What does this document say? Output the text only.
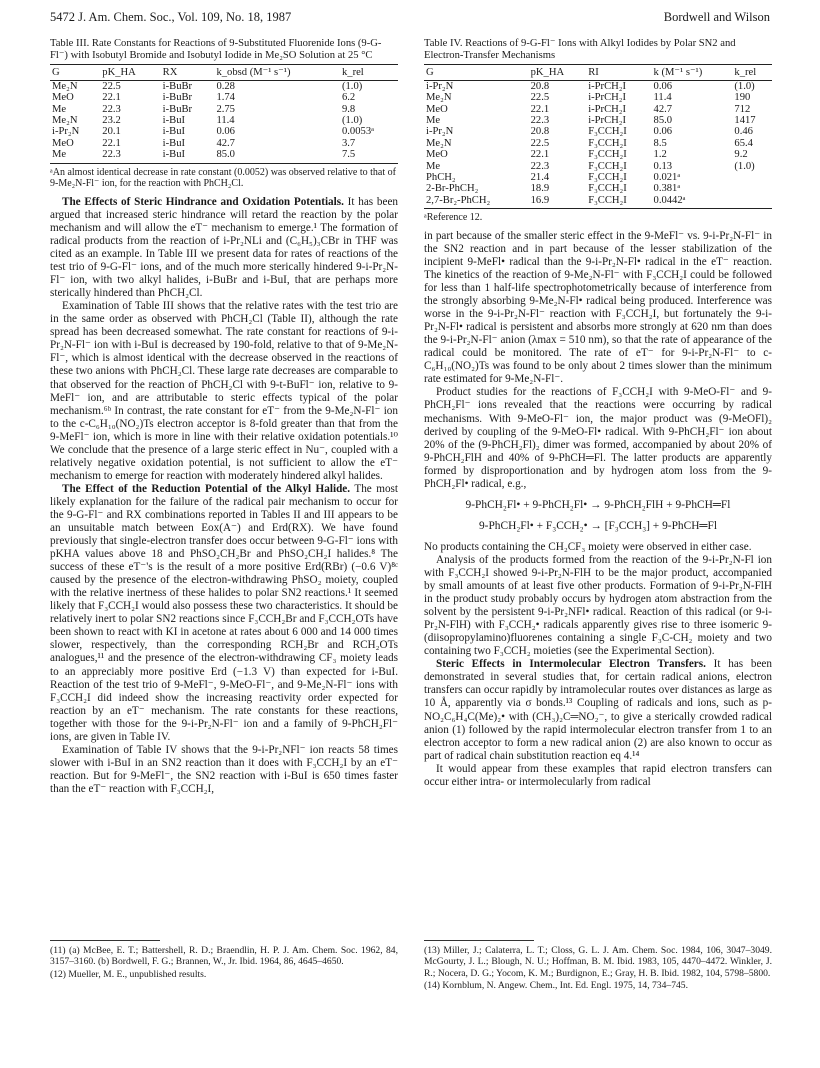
5472 J. Am. Chem. Soc., Vol. 109, No. 18, 1987	Bordwell and Wilson
Table III. Rate Constants for Reactions of 9-Substituted Fluorenide Ions (9-G-Fl⁻) with Isobutyl Bromide and Isobutyl Iodide in Me₂SO Solution at 25 °C
G	pK_HA	RX	k_obsd (M⁻¹ s⁻¹)	k_rel
Me₂N	22.5	i-BuBr	0.28	(1.0)
MeO	22.1	i-BuBr	1.74	6.2
Me	22.3	i-BuBr	2.75	9.8
Me₂N	23.2	i-BuI	11.4	(1.0)
i-Pr₂N	20.1	i-BuI	0.06	0.0053ᵃ
MeO	22.1	i-BuI	42.7	3.7
Me	22.3	i-BuI	85.0	7.5
ᵃAn almost identical decrease in rate constant (0.0052) was observed relative to that of 9-Me₂N-Fl⁻ ion, for the reaction with PhCH₂Cl.

The Effects of Steric Hindrance and Oxidation Potentials. It has been argued that increased steric hindrance will retard the reaction by the polar mechanism and will allow the eT⁻ mechanism to emerge.¹ The formation of radical products from the reaction of i-Pr₂NLi and (C₆H₅)₃CBr in THF was cited as an example. In Table III we present data for rates of reactions of the test trio of 9-G-Fl⁻ ions, and of the much more sterically hindered 9-i-Pr₂N-Fl⁻ ion, with two alkyl halides, i-BuBr and i-BuI, that are perhaps more sterically hindered than PhCH₂Cl.

Examination of Table III shows that the relative rates with the test trio are in the same order as observed with PhCH₂Cl (Table II), although the rate spread has been decreased somewhat. The rate constant for reactions of 9-i-Pr₂N-Fl⁻ ion with i-BuI is decreased by 190-fold, relative to that of 9-Me₂N-Fl⁻, which is almost identical with the decrease observed in the reactions of these two anions with PhCH₂Cl. These large rate decreases are comparable to that observed for the reaction of PhCH₂Cl with 9-t-BuFl⁻ ion, relative to 9-MeFl⁻ ion, and are attributable to steric effects typical of the polar mechanism.⁶ᵇ In contrast, the rate constant for eT⁻ from the 9-Me₂N-Fl⁻ ion to the c-C₆H₁₀(NO₂)Ts electron acceptor is 8-fold greater than that from the 9-MeFl⁻ ion, which is more in line with their relative oxidation potentials.¹⁰ We conclude that the presence of a large steric effect in Nu⁻, coupled with a relatively negative oxidation potential, is not sufficient to allow the eT⁻ mechanism to emerge for reaction with moderately hindered alkyl halides.

The Effect of the Reduction Potential of the Alkyl Halide. The most likely explanation for the failure of the radical pair mechanism to occur for the 9-G-Fl⁻ and RX combinations reported in Tables II and III appears to be an unsuitable match between Eox(A⁻) and Erd(RX). We have found previously that single-electron transfer does occur between 9-G-Fl⁻ ions with pKHA values above 18 and PhSO₂CH₂Br and PhSO₂CH₂I halides.⁸ The success of these eT⁻'s is the result of a more positive Erd(RBr) (−0.6 V)⁸ᶜ caused by the presence of the electron-withdrawing PhSO₂ moiety, coupled with the relative inertness of these halides to polar SN2 reactions.¹ It seemed likely that F₃CCH₂I would also possess these two characteristics. It should be relatively inert to polar SN2 reactions since F₃CCH₂Br and F₃CCH₂OTs have been shown to react with KI in acetone at rates about 6 000 and 14 000 times slower, respectively, than the corresponding RCH₂Br and RCH₂OTs analogues,¹¹ and the presence of the electron-withdrawing CF₃ moiety leads to an appreciably more positive Erd (−1.3 V) than expected for i-BuI. Reaction of the test trio of 9-MeFl⁻, 9-MeO-Fl⁻, and 9-Me₂N-Fl⁻ ions with F₃CCH₂I did indeed show the increasing reactivity order expected for reaction by an eT⁻ mechanism. The rate constants for these reactions, together with those for the 9-i-Pr₂N-Fl⁻ ion and a family of 9-PhCH₂Fl⁻ ions, are given in Table IV.

Examination of Table IV shows that the 9-i-Pr₂NFl⁻ ion reacts 58 times slower with i-BuI in an SN2 reaction than it does with F₃CCH₂I by an eT⁻ reaction. But for 9-MeFl⁻, the SN2 reaction with i-BuI is 650 times faster than the eT⁻ reaction with F₃CCH₂I,

Table IV. Reactions of 9-G-Fl⁻ Ions with Alkyl Iodides by Polar SN2 and Electron-Transfer Mechanisms
G	pK_HA	RI	k (M⁻¹ s⁻¹)	k_rel
i-Pr₂N	20.8	i-PrCH₂I	0.06	(1.0)
Me₂N	22.5	i-PrCH₂I	11.4	190
MeO	22.1	i-PrCH₂I	42.7	712
Me	22.3	i-PrCH₂I	85.0	1417
i-Pr₂N	20.8	F₃CCH₂I	0.06	0.46
Me₂N	22.5	F₃CCH₂I	8.5	65.4
MeO	22.1	F₃CCH₂I	1.2	9.2
Me	22.3	F₃CCH₂I	0.13	(1.0)
PhCH₂	21.4	F₃CCH₂I	0.021ᵃ	
2-Br-PhCH₂	18.9	F₃CCH₂I	0.381ᵃ	
2,7-Br₂-PhCH₂	16.9	F₃CCH₂I	0.0442ᵃ	
ᵃReference 12.

in part because of the smaller steric effect in the 9-MeFl⁻ vs. 9-i-Pr₂N-Fl⁻ in the SN2 reaction and in part because of the lesser stabilization of the incipient 9-MeFl• radical than the 9-i-Pr₂N-Fl• radical in the eT⁻ reaction. The kinetics of the reaction of 9-Me₂N-Fl⁻ with F₃CCH₂I could be followed for less than 1 half-life spectrophotometrically because of interference from the strongly absorbing 9-Me₂N-Fl• radical being produced. Interference was worse in the 9-i-Pr₂N-Fl⁻ reaction with F₃CCH₂I, but fortunately the 9-i-Pr₂N-Fl• radical is persistent and absorbs more strongly at 620 nm than does the 9-i-Pr₂N-Fl⁻ anion (λmax = 510 nm), so that the rate of appearance of the radical could be monitored. The rate of eT⁻ for 9-i-Pr₂N-Fl⁻ to c-C₆H₁₀(NO₂)Ts was found to be only about 2 times slower than the minimum rate estimated for 9-Me₂N-Fl⁻.

Product studies for the reactions of F₃CCH₂I with 9-MeO-Fl⁻ and 9-PhCH₂Fl⁻ ions revealed that the reactions were occurring by radical mechanisms. With 9-MeO-Fl⁻ ion, the major product was (9-MeOFl)₂ derived by coupling of the 9-MeO-Fl• radical. With 9-PhCH₂Fl⁻ ion about 20% of the (9-PhCH₂Fl)₂ dimer was formed, accompanied by about 20% of 9-PhCH₂FlH and 40% of 9-PhCH═Fl. The latter products are apparently formed by disproportionation and by hydrogen atom loss from the 9-PhCH₂Fl• radical, e.g.,

9-PhCH₂Fl• + 9-PhCH₂Fl• → 9-PhCH₂FlH + 9-PhCH═Fl
9-PhCH₂Fl• + F₃CCH₂• → [F₃CCH₃] + 9-PhCH═Fl

No products containing the CH₂CF₃ moiety were observed in either case.

Analysis of the products formed from the reaction of the 9-i-Pr₂N-Fl ion with F₃CCH₂I showed 9-i-Pr₂N-FlH to be the major product, accompanied by small amounts of at least five other products. Formation of 9-i-Pr₂N-FlH in the product study probably occurs by hydrogen atom abstraction from the solvent by the persistent 9-i-Pr₂NFl• radical. Reaction of this radical (or 9-i-Pr₂N-FlH) with F₃CCH₂• radicals apparently gives rise to three isomeric 9-(diisopropylamino)fluorenes containing a single F₃C-CH₂ moiety and two containing two F₃CCH₂ moieties (see the Experimental Section).

Steric Effects in Intermolecular Electron Transfers. It has been demonstrated in several studies that, for certain radical anions, electron transfers can occur rapidly by intramolecular routes over distances as large as 10 Å, apparently via σ bonds.¹³ Coupling of radicals and ions, such as p-NO₂C₆H₄C(Me)₂• with (CH₃)₂C═NO₂⁻, to give a sterically crowded radical anion (1) followed by the rapid intermolecular electron transfer from 1 to an electron acceptor to form a new radical anion (2) are also known to occur as part of radical chain substitution reaction eq 4.¹⁴

It would appear from these examples that rapid electron transfers can occur either intra- or intermolecularly from radical

(11) (a) McBee, E. T.; Battershell, R. D.; Braendlin, H. P. J. Am. Chem. Soc. 1962, 84, 3157–3160. (b) Bordwell, F. G.; Brannen, W., Jr. Ibid. 1964, 86, 4645–4650.
(12) Mueller, M. E., unpublished results.
(13) Miller, J.; Calaterra, L. T.; Closs, G. L. J. Am. Chem. Soc. 1984, 106, 3047–3049. McGourty, J. L.; Blough, N. U.; Hoffman, B. M. Ibid. 1983, 105, 4470–4472. Winkler, J. R.; Nocera, D. G.; Yocom, K. M.; Burdignon, E.; Gray, H. B. Ibid. 1982, 104, 5798–5800.
(14) Kornblum, N. Angew. Chem., Int. Ed. Engl. 1975, 14, 734–745.
